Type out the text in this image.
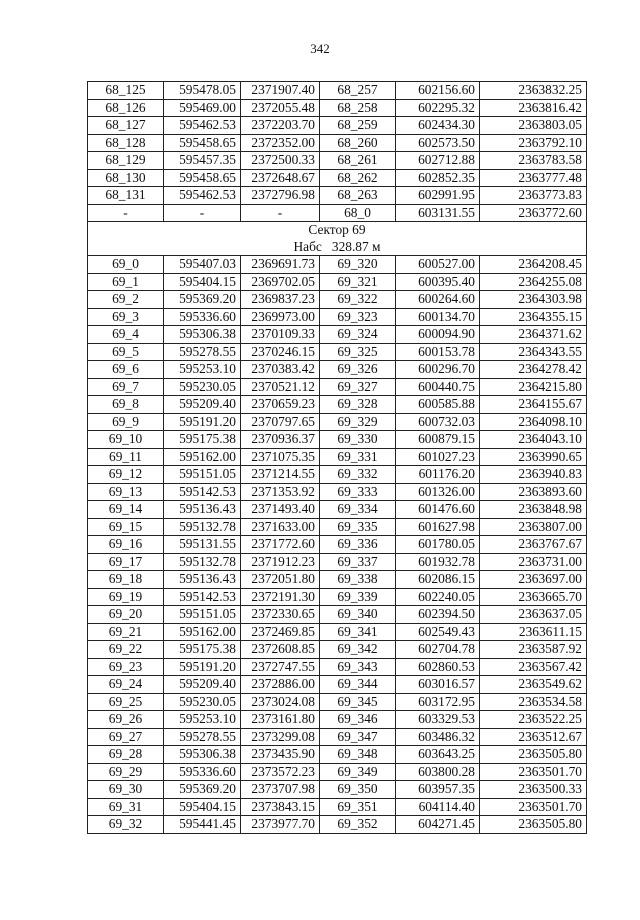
342
68_125	595478.05	2371907.40	68_257	602156.60	2363832.25
68_126	595469.00	2372055.48	68_258	602295.32	2363816.42
68_127	595462.53	2372203.70	68_259	602434.30	2363803.05
68_128	595458.65	2372352.00	68_260	602573.50	2363792.10
68_129	595457.35	2372500.33	68_261	602712.88	2363783.58
68_130	595458.65	2372648.67	68_262	602852.35	2363777.48
68_131	595462.53	2372796.98	68_263	602991.95	2363773.83
-	-	-	68_0	603131.55	2363772.60
Сектор 69					
Нaбс 328.87 м					
69_0	595407.03	2369691.73	69_320	600527.00	2364208.45
69_1	595404.15	2369702.05	69_321	600395.40	2364255.08
69_2	595369.20	2369837.23	69_322	600264.60	2364303.98
69_3	595336.60	2369973.00	69_323	600134.70	2364355.15
69_4	595306.38	2370109.33	69_324	600094.90	2364371.62
69_5	595278.55	2370246.15	69_325	600153.78	2364343.55
69_6	595253.10	2370383.42	69_326	600296.70	2364278.42
69_7	595230.05	2370521.12	69_327	600440.75	2364215.80
69_8	595209.40	2370659.23	69_328	600585.88	2364155.67
69_9	595191.20	2370797.65	69_329	600732.03	2364098.10
69_10	595175.38	2370936.37	69_330	600879.15	2364043.10
69_11	595162.00	2371075.35	69_331	601027.23	2363990.65
69_12	595151.05	2371214.55	69_332	601176.20	2363940.83
69_13	595142.53	2371353.92	69_333	601326.00	2363893.60
69_14	595136.43	2371493.40	69_334	601476.60	2363848.98
69_15	595132.78	2371633.00	69_335	601627.98	2363807.00
69_16	595131.55	2371772.60	69_336	601780.05	2363767.67
69_17	595132.78	2371912.23	69_337	601932.78	2363731.00
69_18	595136.43	2372051.80	69_338	602086.15	2363697.00
69_19	595142.53	2372191.30	69_339	602240.05	2363665.70
69_20	595151.05	2372330.65	69_340	602394.50	2363637.05
69_21	595162.00	2372469.85	69_341	602549.43	2363611.15
69_22	595175.38	2372608.85	69_342	602704.78	2363587.92
69_23	595191.20	2372747.55	69_343	602860.53	2363567.42
69_24	595209.40	2372886.00	69_344	603016.57	2363549.62
69_25	595230.05	2373024.08	69_345	603172.95	2363534.58
69_26	595253.10	2373161.80	69_346	603329.53	2363522.25
69_27	595278.55	2373299.08	69_347	603486.32	2363512.67
69_28	595306.38	2373435.90	69_348	603643.25	2363505.80
69_29	595336.60	2373572.23	69_349	603800.28	2363501.70
69_30	595369.20	2373707.98	69_350	603957.35	2363500.33
69_31	595404.15	2373843.15	69_351	604114.40	2363501.70
69_32	595441.45	2373977.70	69_352	604271.45	2363505.80
